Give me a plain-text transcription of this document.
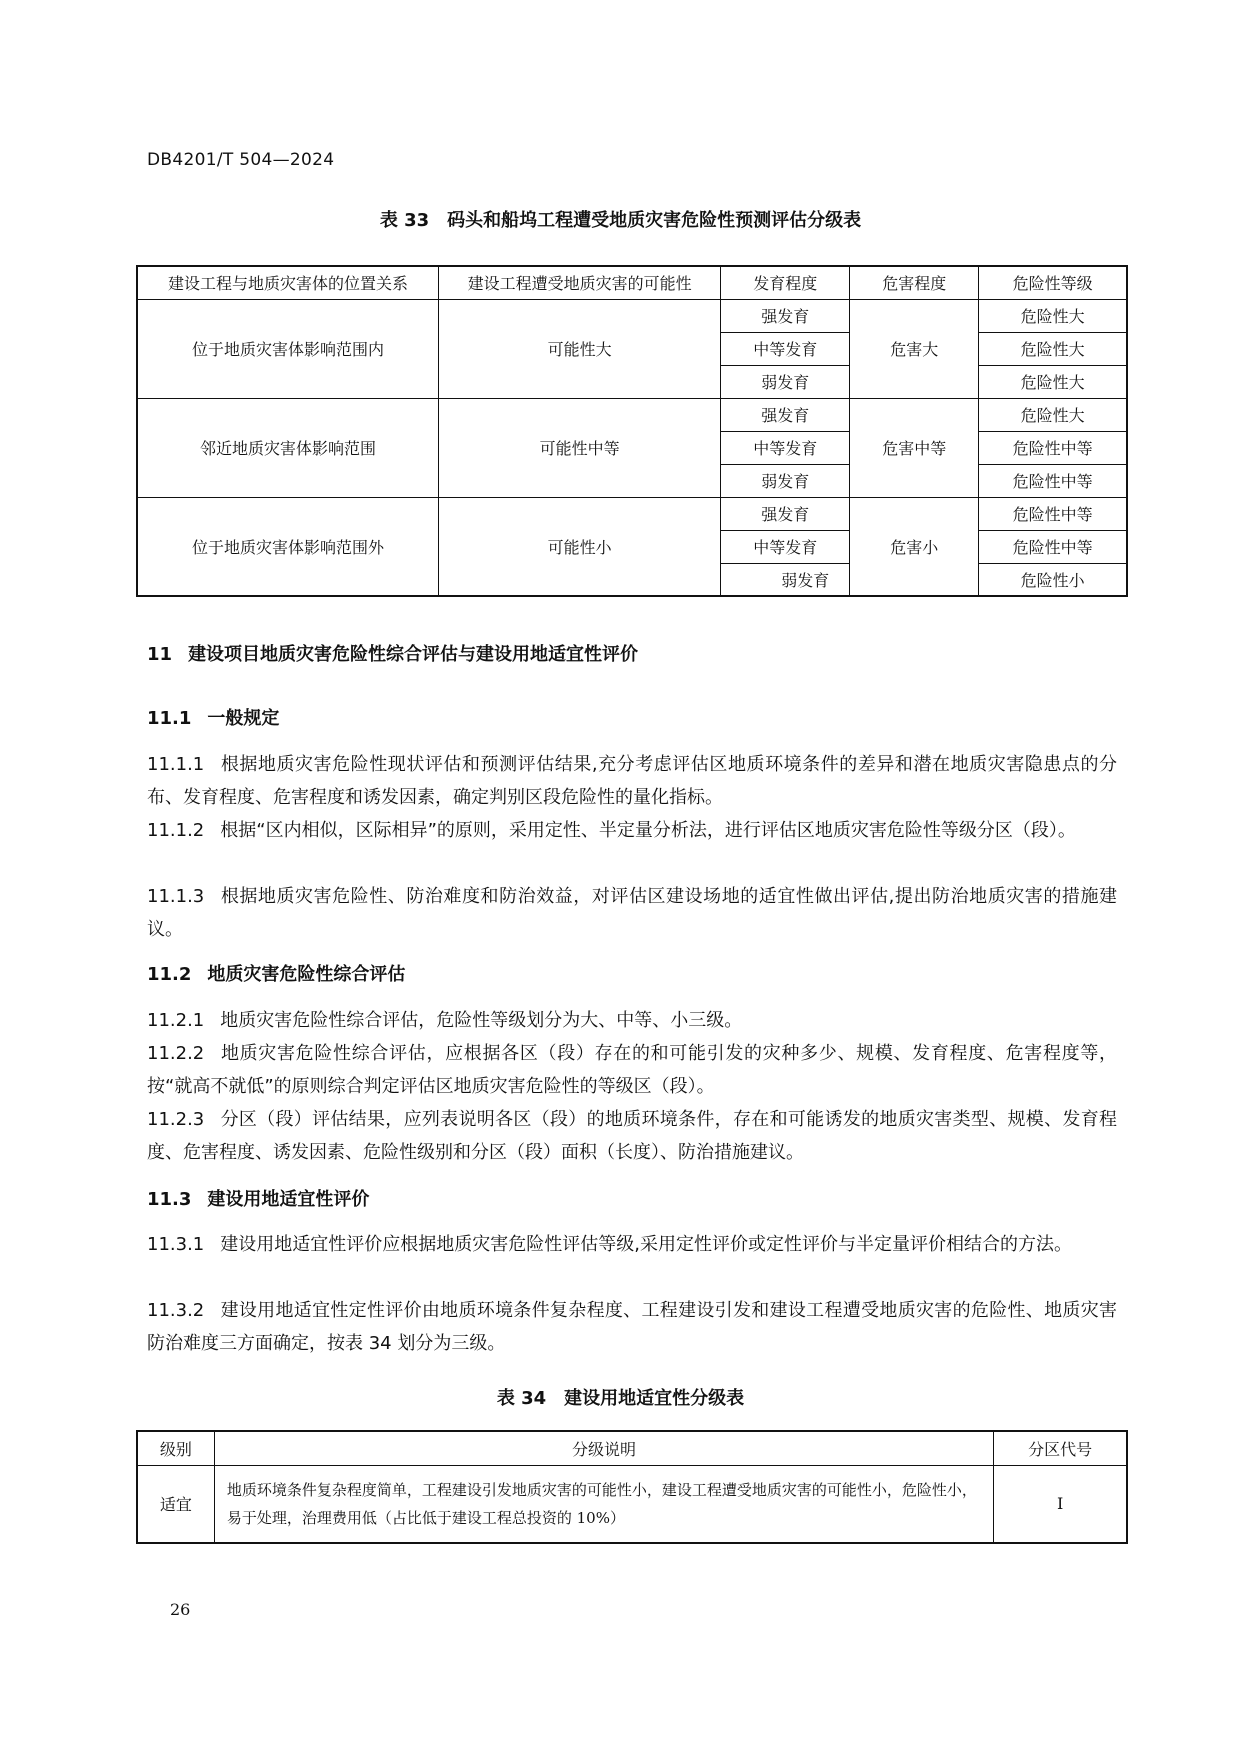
DB4201/T 504—2024
表 33　码头和船坞工程遭受地质灾害危险性预测评估分级表
建设工程与地质灾害体的位置关系	建设工程遭受地质灾害的可能性	发育程度	危害程度	危险性等级
位于地质灾害体影响范围内	可能性大	强发育	危害大	危险性大
		中等发育		危险性大
		弱发育		危险性大
邻近地质灾害体影响范围	可能性中等	强发育	危害中等	危险性大
		中等发育		危险性中等
		弱发育		危险性中等
位于地质灾害体影响范围外	可能性小	强发育	危害小	危险性中等
		中等发育		危险性中等
		弱发育		危险性小
11 建设项目地质灾害危险性综合评估与建设用地适宜性评价
11.1 一般规定
11.1.1 根据地质灾害危险性现状评估和预测评估结果,充分考虑评估区地质环境条件的差异和潜在地质灾害隐患点的分布、发育程度、危害程度和诱发因素，确定判别区段危险性的量化指标。
11.1.2 根据“区内相似，区际相异”的原则，采用定性、半定量分析法，进行评估区地质灾害危险性等级分区（段）。
11.1.3 根据地质灾害危险性、防治难度和防治效益，对评估区建设场地的适宜性做出评估,提出防治地质灾害的措施建议。
11.2 地质灾害危险性综合评估
11.2.1 地质灾害危险性综合评估，危险性等级划分为大、中等、小三级。
11.2.2 地质灾害危险性综合评估，应根据各区（段）存在的和可能引发的灾种多少、规模、发育程度、危害程度等，按“就高不就低”的原则综合判定评估区地质灾害危险性的等级区（段）。
11.2.3 分区（段）评估结果，应列表说明各区（段）的地质环境条件，存在和可能诱发的地质灾害类型、规模、发育程度、危害程度、诱发因素、危险性级别和分区（段）面积（长度）、防治措施建议。
11.3 建设用地适宜性评价
11.3.1 建设用地适宜性评价应根据地质灾害危险性评估等级,采用定性评价或定性评价与半定量评价相结合的方法。
11.3.2 建设用地适宜性定性评价由地质环境条件复杂程度、工程建设引发和建设工程遭受地质灾害的危险性、地质灾害防治难度三方面确定，按表 34 划分为三级。
表 34　建设用地适宜性分级表
级别	分级说明	分区代号
适宜	地质环境条件复杂程度简单，工程建设引发地质灾害的可能性小，建设工程遭受地质灾害的可能性小，危险性小，易于处理，治理费用低（占比低于建设工程总投资的 10%）	I
26
